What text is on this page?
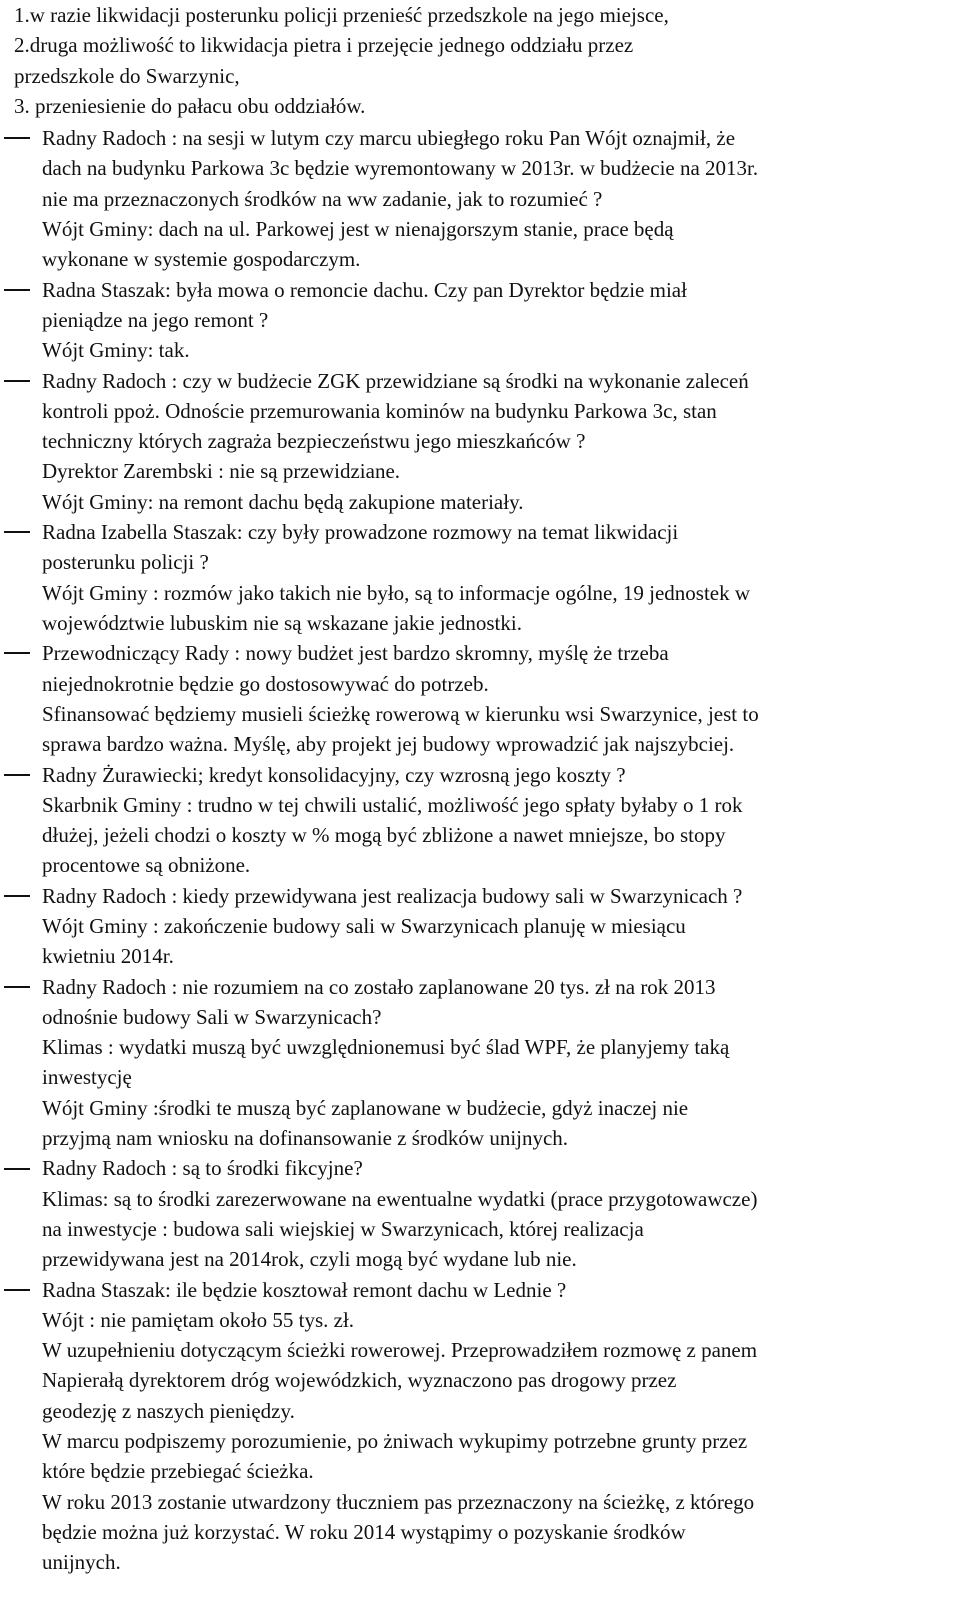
1.w razie likwidacji posterunku policji przenieść przedszkole na jego miejsce,

2.druga możliwość to likwidacja pietra i przejęcie jednego oddziału przez

przedszkole do Swarzynic,

3. przeniesienie do pałacu obu oddziałów.

Radny Radoch : na sesji w lutym czy marcu ubiegłego roku Pan Wójt oznajmił, że

dach na budynku Parkowa 3c będzie wyremontowany w 2013r. w budżecie na 2013r.

nie ma przeznaczonych środków na ww zadanie, jak to rozumieć ?

Wójt Gminy: dach na ul. Parkowej jest w nienajgorszym stanie, prace będą

wykonane w systemie gospodarczym.

Radna Staszak: była mowa o remoncie dachu. Czy pan Dyrektor będzie miał

pieniądze na jego remont ?

Wójt Gminy: tak.

Radny Radoch : czy w budżecie ZGK przewidziane są środki na wykonanie zaleceń

kontroli ppoż. Odnoście przemurowania kominów na budynku Parkowa 3c, stan

techniczny których zagraża bezpieczeństwu jego mieszkańców ?

Dyrektor Zarembski : nie są przewidziane.

Wójt Gminy: na remont dachu będą zakupione materiały.

Radna Izabella Staszak: czy były prowadzone rozmowy na temat likwidacji

posterunku policji ?

Wójt Gminy : rozmów jako takich nie było, są to informacje ogólne, 19 jednostek w

województwie lubuskim nie są wskazane jakie jednostki.

Przewodniczący Rady : nowy budżet jest bardzo skromny, myślę że trzeba

niejednokrotnie będzie go dostosowywać do potrzeb.

Sfinansować będziemy musieli ścieżkę rowerową w kierunku wsi Swarzynice, jest to

sprawa bardzo ważna. Myślę, aby projekt jej budowy wprowadzić jak najszybciej.

Radny Żurawiecki; kredyt konsolidacyjny, czy wzrosną jego koszty ?

Skarbnik Gminy : trudno w tej chwili ustalić, możliwość jego spłaty byłaby o 1 rok

dłużej, jeżeli chodzi o koszty w % mogą być zbliżone a nawet mniejsze, bo stopy

procentowe są obniżone.

Radny Radoch : kiedy przewidywana jest realizacja budowy sali w Swarzynicach ?

Wójt Gminy : zakończenie budowy sali w Swarzynicach planuję w miesiącu

kwietniu 2014r.

Radny Radoch : nie rozumiem na co zostało zaplanowane 20 tys. zł na rok 2013

odnośnie budowy Sali w Swarzynicach?

Klimas : wydatki muszą być uwzględnionemusi być ślad WPF, że planyjemy taką

inwestycję

Wójt Gminy :środki te muszą być zaplanowane w budżecie, gdyż inaczej nie

przyjmą nam wniosku na dofinansowanie z środków unijnych.

Radny Radoch : są to środki fikcyjne?

Klimas: są to środki zarezerwowane na ewentualne wydatki (prace przygotowawcze)

na inwestycje : budowa sali wiejskiej w Swarzynicach, której realizacja

przewidywana jest na 2014rok, czyli mogą być wydane lub nie.

Radna Staszak: ile będzie kosztował remont dachu w Lednie ?

Wójt : nie pamiętam około 55 tys. zł.

W uzupełnieniu dotyczącym ścieżki rowerowej. Przeprowadziłem rozmowę z panem

Napierałą dyrektorem dróg wojewódzkich, wyznaczono pas drogowy przez

geodezję z naszych pieniędzy.

W marcu podpiszemy porozumienie, po żniwach wykupimy potrzebne grunty przez

które będzie przebiegać ścieżka.

W roku 2013 zostanie utwardzony tłuczniem pas przeznaczony na ścieżkę, z którego

będzie można już korzystać. W roku 2014 wystąpimy o pozyskanie środków

unijnych.
